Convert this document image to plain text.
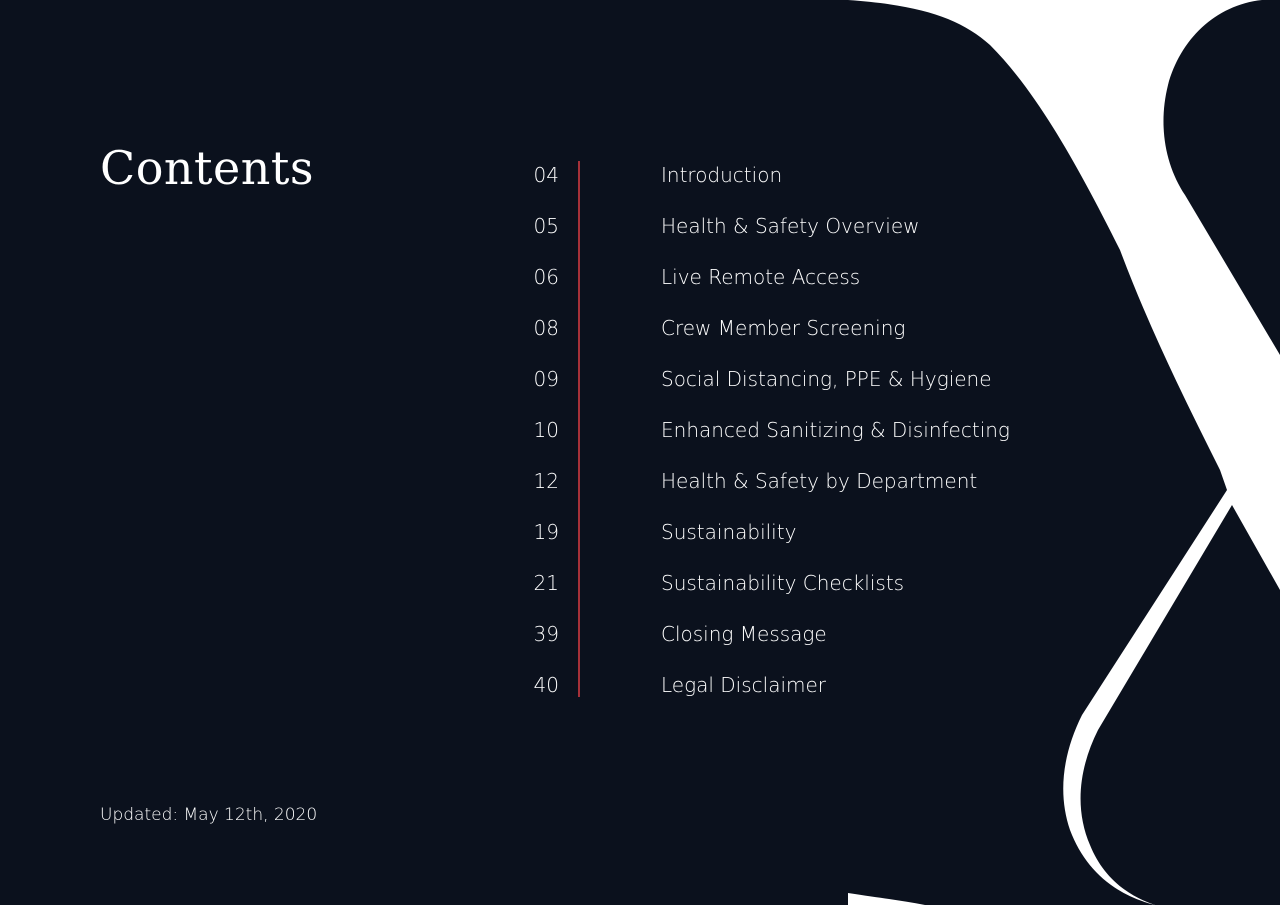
Contents	04	Introduction
05	Health & Safety Overview
06	Live Remote Access
08	Crew Member Screening
09	Social Distancing, PPE & Hygiene
10	Enhanced Sanitizing & Disinfecting
12	Health & Safety by Department
19	Sustainability
21	Sustainability Checklists
39	Closing Message
40	Legal Disclaimer
Updated: May 12th, 2020
